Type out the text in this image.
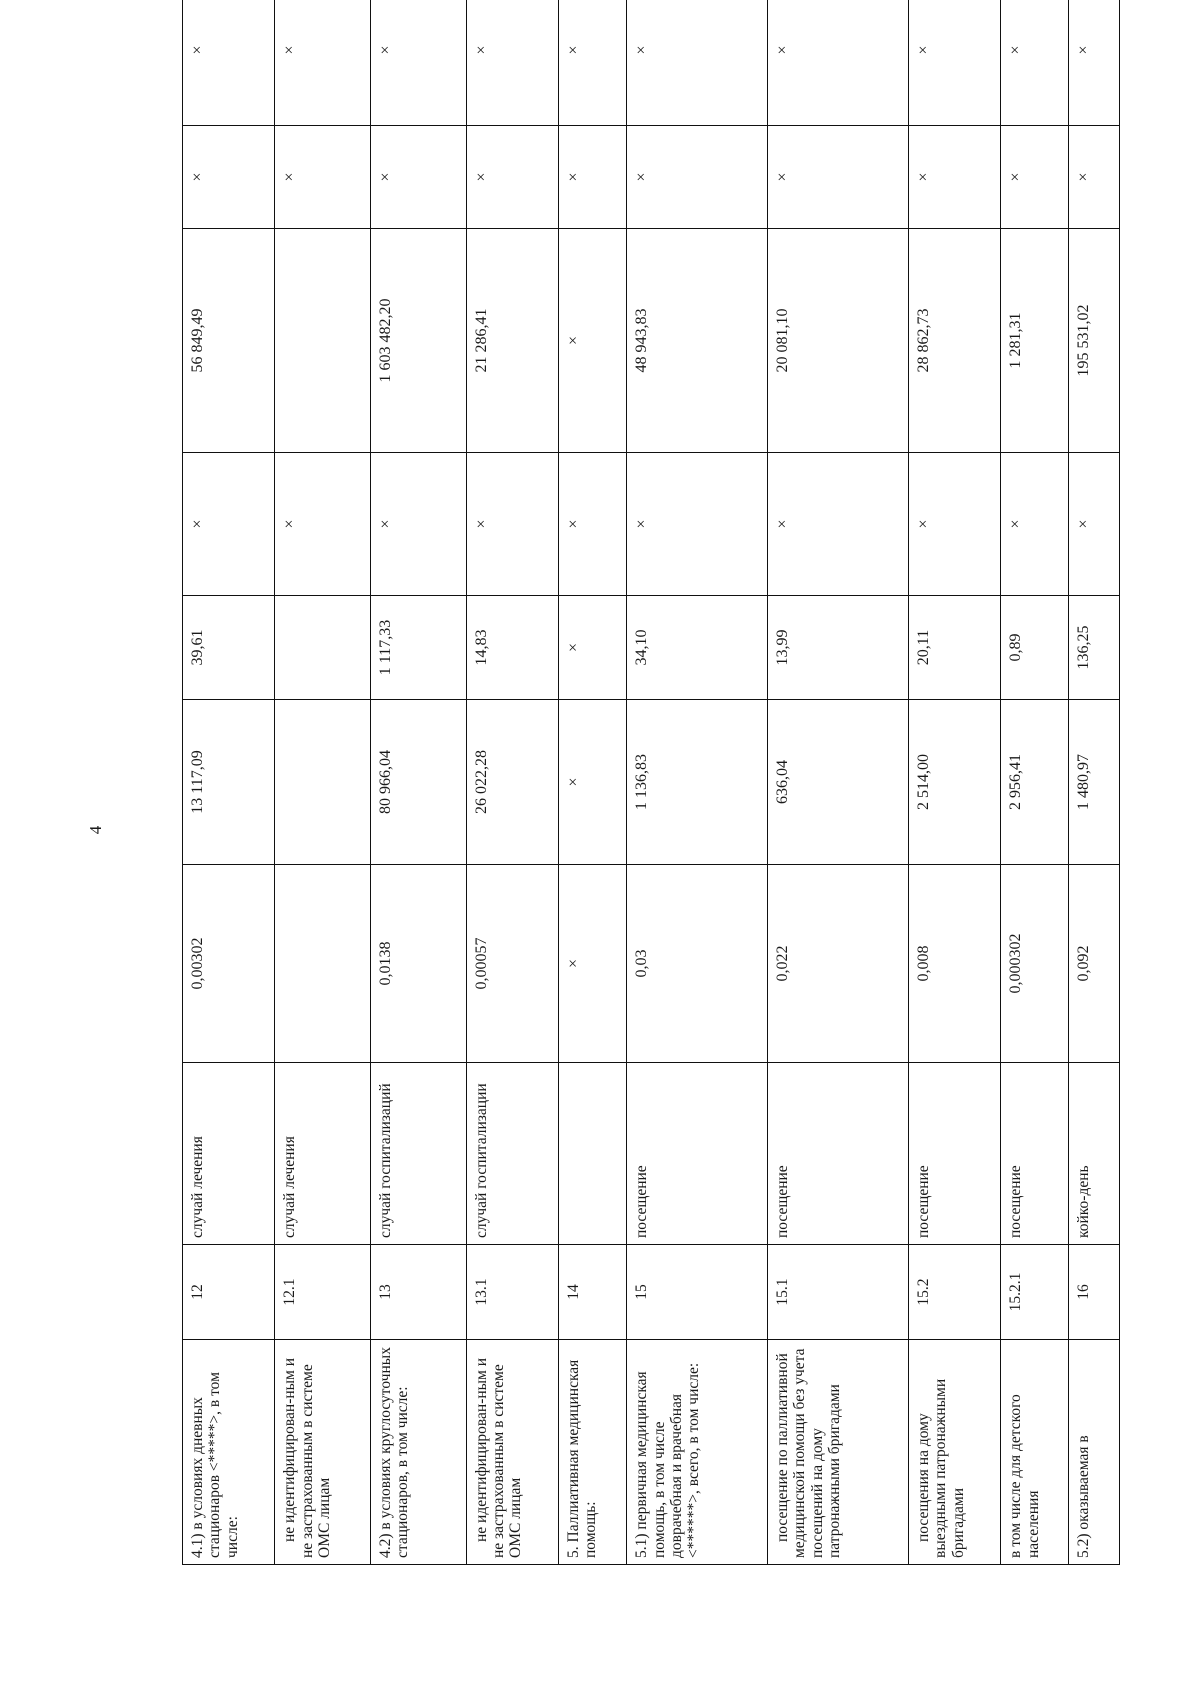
4
4.1) в условиях дневных стационаров <*****>, в том числе:	12	случай лечения	0,00302	13 117,09	39,61	×	56 849,49	×	×
не идентифицирован-ным и не застрахованным в системе ОМС лицам	12.1	случай лечения				×		×	×
4.2) в условиях круглосуточных стационаров, в том числе:	13	случай госпитализаций	0,0138	80 966,04	1 117,33	×	1 603 482,20	×	×
не идентифицирован-ным и не застрахованным в системе ОМС лицам	13.1	случай госпитализации	0,00057	26 022,28	14,83	×	21 286,41	×	×
5. Паллиативная медицинская помощь:	14		×	×	×	×	×	×	×
5.1) первичная медицинская помощь, в том числе доврачебная и врачебная <******>, всего, в том числе:	15	посещение	0,03	1 136,83	34,10	×	48 943,83	×	×
посещение по паллиативной медицинской помощи без учета посещений на дому патронажными бригадами	15.1	посещение	0,022	636,04	13,99	×	20 081,10	×	×
посещения на дому выездными патронажными бригадами	15.2	посещение	0,008	2 514,00	20,11	×	28 862,73	×	×
в том числе для детского населения	15.2.1	посещение	0,000302	2 956,41	0,89	×	1 281,31	×	×
5.2) оказываемая в	16	койко-день	0,092	1 480,97	136,25	×	195 531,02	×	×
